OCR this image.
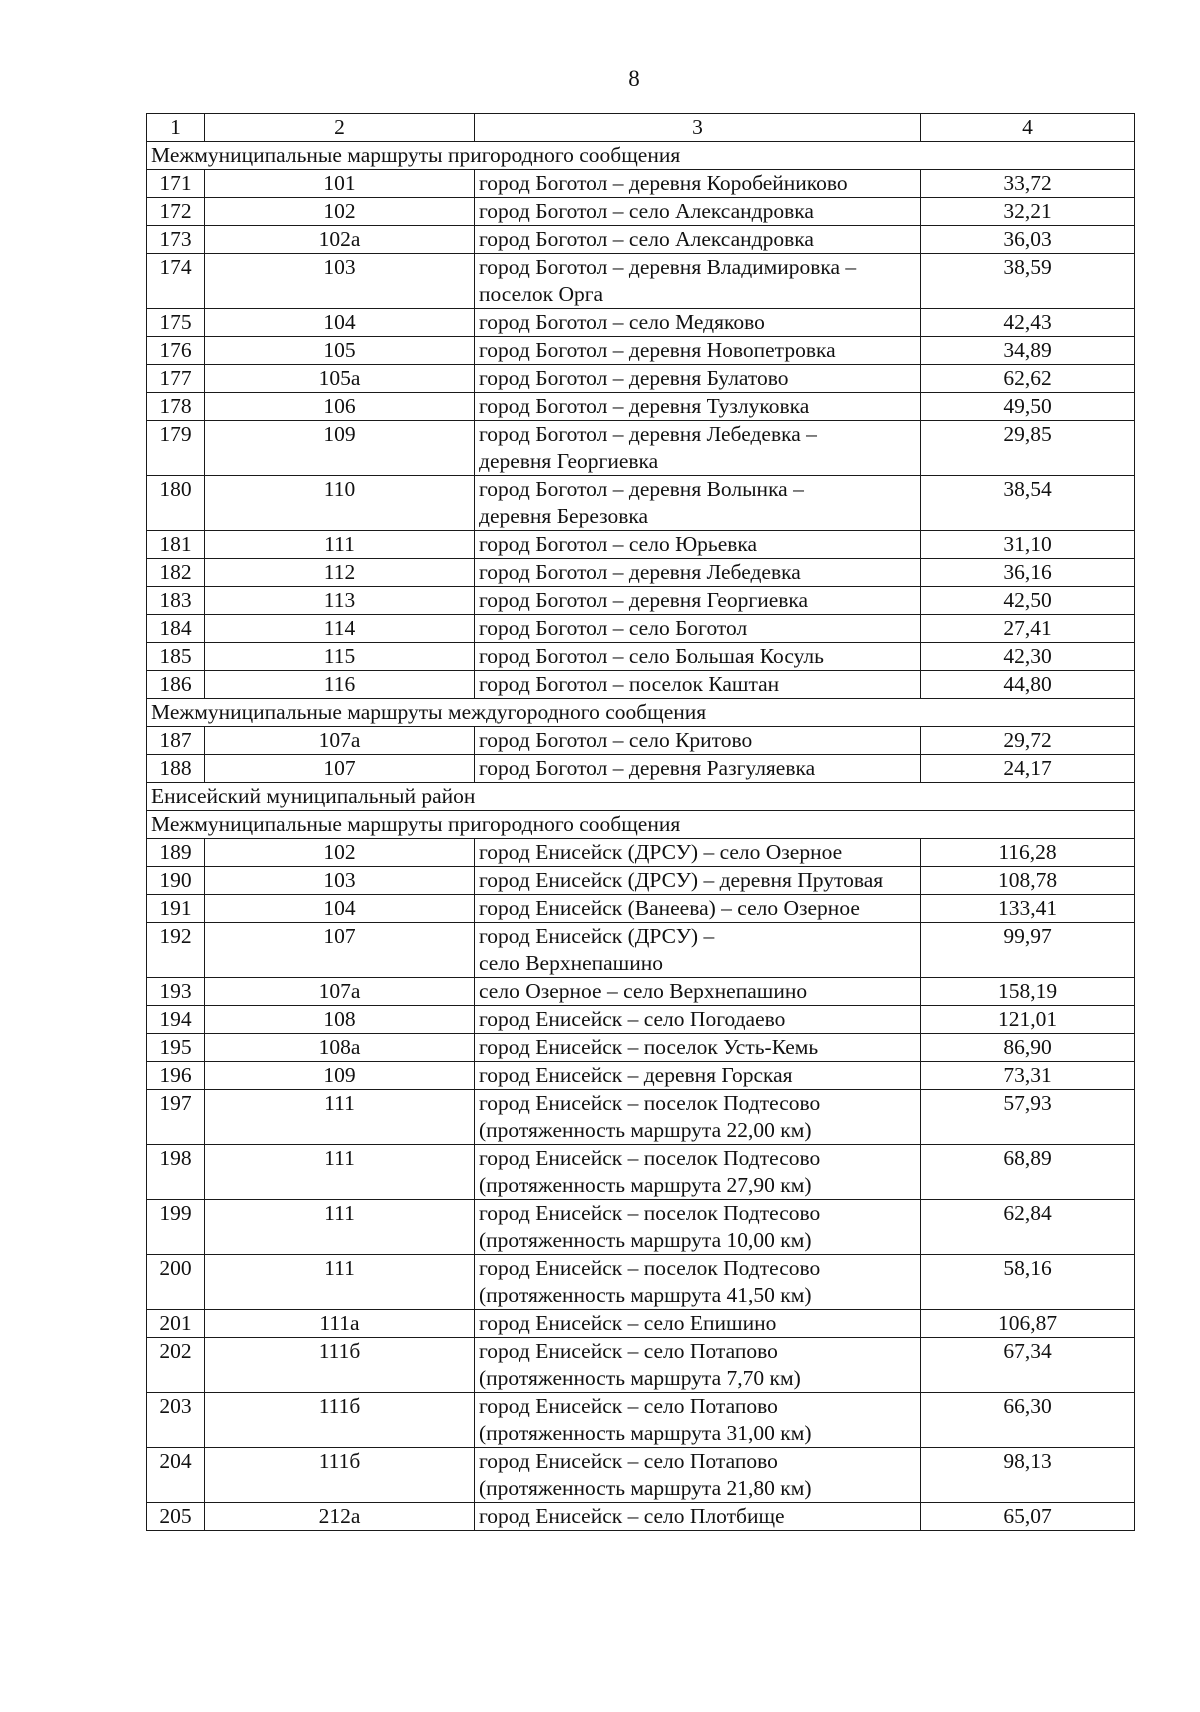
8
1	2	3	4
Межмуниципальные маршруты пригородного сообщения			
171	101	город Боготол – деревня Коробейниково	33,72
172	102	город Боготол – село Александровка	32,21
173	102а	город Боготол – село Александровка	36,03
174	103	город Боготол – деревня Владимировка –
поселок Орга	38,59
175	104	город Боготол – село Медяково	42,43
176	105	город Боготол – деревня Новопетровка	34,89
177	105а	город Боготол – деревня Булатово	62,62
178	106	город Боготол – деревня Тузлуковка	49,50
179	109	город Боготол – деревня Лебедевка –
деревня Георгиевка	29,85
180	110	город Боготол – деревня Волынка –
деревня Березовка	38,54
181	111	город Боготол – село Юрьевка	31,10
182	112	город Боготол – деревня Лебедевка	36,16
183	113	город Боготол – деревня Георгиевка	42,50
184	114	город Боготол – село Боготол	27,41
185	115	город Боготол – село Большая Косуль	42,30
186	116	город Боготол – поселок Каштан	44,80
Межмуниципальные маршруты междугородного сообщения			
187	107а	город Боготол – село Критово	29,72
188	107	город Боготол – деревня Разгуляевка	24,17
Енисейский муниципальный район			
Межмуниципальные маршруты пригородного сообщения			
189	102	город Енисейск (ДРСУ) – село Озерное	116,28
190	103	город Енисейск (ДРСУ) – деревня Прутовая	108,78
191	104	город Енисейск (Ванеева) – село Озерное	133,41
192	107	город Енисейск (ДРСУ) –
село Верхнепашино	99,97
193	107а	село Озерное – село Верхнепашино	158,19
194	108	город Енисейск – село Погодаево	121,01
195	108а	город Енисейск – поселок Усть-Кемь	86,90
196	109	город Енисейск – деревня Горская	73,31
197	111	город Енисейск – поселок Подтесово
(протяженность маршрута 22,00 км)	57,93
198	111	город Енисейск – поселок Подтесово
(протяженность маршрута 27,90 км)	68,89
199	111	город Енисейск – поселок Подтесово
(протяженность маршрута 10,00 км)	62,84
200	111	город Енисейск – поселок Подтесово
(протяженность маршрута 41,50 км)	58,16
201	111а	город Енисейск – село Епишино	106,87
202	111б	город Енисейск – село Потапово
(протяженность маршрута 7,70 км)	67,34
203	111б	город Енисейск – село Потапово
(протяженность маршрута 31,00 км)	66,30
204	111б	город Енисейск – село Потапово
(протяженность маршрута 21,80 км)	98,13
205	212а	город Енисейск – село Плотбище	65,07
